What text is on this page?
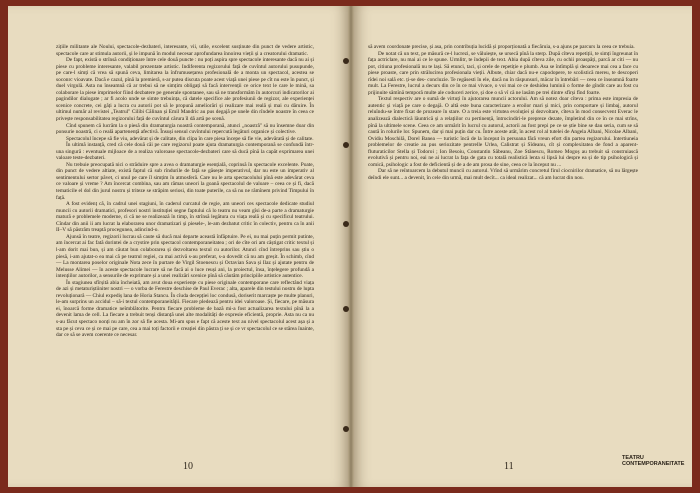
zițiile militante ale Noului, spectacole-dezbateri, interesante, vii, utile, excelent susținute din punct de vedere artistic, spectacole care ar stimula autorii, și le impună în modul necesar aprofundarea înnoirea vieții și a creatorului dramatic.

De fapt, există o strînsă condiționare între cele două puncte : nu poți aspira spre spectacole interesante dacă nu ai și piese cu probleme interesante, valabil prezentate artistic. Indiferenta regizorului față de cuvîntul autorului pusupunde, pe care-l simți că vrea să spună ceva, limitarea la înfrumusețarea profesională de a monta un spectacol, acestea se soconrc vioavate. Dacă e cazul, pînă la premieră, s-ar putea discuta poate acest viață unei piese pe cît nu este în punct, și duel virgulă. Asta nu înseamnă că ar trebui să ne simțim obligați să facă intervenții ce orice text le care le mină, sa colaborare la piese imprimelor fiind dezbatere pe generale spontanee, sau să ne transformăm în autorcuri indicatorilor ai pagindilor dialogate ; ar fi acolo unde se simte trebuința, că datele specifice ale profesiunii de regizor, ale experienței scenice concrete, cei găți a lucra cu autorii pot să le propună ameliorări și realizare mai reală și mai cu dăruire. În ultimul număr al revistei „Teatrul" Cilibi Călinan și Emil Mandric au pus degajă pe unele din rîndele noastre în ceea ce privește responsabilitatea regizorului față de cuvîntul cărura îl dă artă pe scenă.

Cînd spunem că lucrăm la o piesă din dramaturgia noastră contemporană, atunci „noastră" să nu însemne doar din ponsurie noastră, ci o reală apartenență afectivă. Însuși sensul cuvîntului repercută legături organice și colective.

Spectacolul începe să fie viu, adevărat și de calitate, din clipa în care piesa începe să fie vie, adevărată și de calitate.

În ultimă instanță, cred că cele două căi pe care regizorul poate ajuta dramaturgia contemporană se confundă într-una singură : eventuale mijloace de a realiza valoroase spectacole-dezbateri care să ducă pînă la capăt exprimarea unei valoare teste-dezbateri.

Nu trebuie preocupată nici o străduire spre a avea o dramaturgie esențială, coprinsă în spectacole excelente. Poate, din punct de vedere altiate, există faptul că sub rîndurile de față se găsește imperativul, dar nu este un imperativ al sentimentului sertor păvet, ci unul pe care îl simțim în atmosferă. Care nu le arta spectacolului pînă este adevărat ceva ce valoare și vreme ? Am încercat combina, sau am rămas uneori la goană spectacolul de valoare – ceea ce și fi, dacă tematicile el dol din jurul nostru și triteze se străpim seriosi, din toate puterile, ca să nu ne rămînem privind Timpului în față.

A fost evidenț că, în cadrul unei stagiuni, în caderul curcatul de regie, am uneori ces spectacole dedicate studiul muncii cu autorii dramatici, profesori nostri instituției segne faptului că lo teatru nu veam gîsi de-a parte a dramaturgie matură e problemele moderne, ci că ne se realizează în timp, în strînsă legătura cu viața reală și cu specificul teatrului. Cîndar din anii ii am lucrat la elaborarea unor dramatizari și piesele-, le-am dezbatut critic în colectiv, pentru ca în anii II–V să păstrăm treaptă procegunea, adincind-o.

Ajunsă în teatre, regizorii lucrau să caute să ducă mai departe această înfăptuire. Pe ei, nu mai puțin permit putinte, am încercat ai fac fată dorintei de a crystire prin spectacol contemporaneitatea ; ori de cîte ori am câștigat critic textul și l-am dorit mai bun, și am căutat bun colaborarea și dezvoltarea textul cu autorilor. Atunci cînd întreprins sau știu o piesă, i-am ajutat-o ea mai că pe teatrul regiei, ca mai activă s-au preferat, s-a dovedit că nu am greșit. În schimb, cînd — La montarea poselor originale Nota zece în purtare de Virgil Stoenescu și Octavian Sava și Ilaz și ajutate pentru de Melusse Alimei — în aceste spectacole lucrare să ne facă ai o luce reuși ani, la proiectul, însa, înțelegere profundă a intențiilor autorilor, a sensurile de exprimare și a unei realizări scenice pînă să căutăm principiile artistice autentice.

În stagiunea sfîrșită abia încheiată, am avut doua experiențe cu piese originale contemporane care reflectând viața de azi și metaturiștiiniter nostri — o vorba de Ferestre deschise de Paul Everac ; alta, aparele din testului nostru de lupta revoluționară — Chiul expediș lana de Horia Stancu. În cîuda decepției loc condusă, doriserit marcaște pe multe planuri, le-am surprins un accidul – să-i textul contemporaneității. Fiecare pledează pentru idei valoroase. Și, fiecare, pe măsura ei, înoarcă forme dramatice neîmblătorite. Pentru fiecare probleme de bază mi-a fost actualizarea textului pînă la a devenit lama de cell. La fiecare a trebuit tenși distanță unei alte modalități de expresie eficientă, proprie. Asta nu ca nu s-au făcut spectaco nonți nu am în zor să fie acesta. Mi-am spus e fapt că aceste text au nivel spectacolul acest așa și a sta pe și ceva ce și ce mai pe care, cea a mai toți factorii e creației din păstra ți se și ce vr spectacolul ce se stărea înainte, dar ce să se avem coerente ce necesar.

10

să avem coordonate precise, și asa, prin contribuția lucidă și proporționată a fiecăruia, s-a ajuns pe parcurs la ceea ce trebuia.

De notat că un text, pe măsură ce-l lucrezi, se văluiește, se ursecă pînă la sterp. După cîteva repetiții, te simți îngreunat în fața actriclare, nu mai ai ce le spune. Urmlitr, te îndepii de text. Abia după cîteva zile, cu ochii proaspăți, parcă ar citi — nu pot, citiuna profesională nu te lași. Să etunci, taci, și orele de repetiție e plumb. Asa se întîmplă și deoarece mai cea a face cu piese proaste, care prin strălucirea profesionala vieții. Albute, chiar dacă nu-e capodopere, te scolisticã mereu, te descoperi rîdei noi sală etc. ți-se des- concluzie. Te regăsesti în ele, dacă nu în răspunsuri, măcar în întrebări — ceea ce înseamnă foarte mult. La Ferestre, lucrul a decurs din ce în ce mai vivace, o voi mai ce ce deshidea luminii o forme de gîndit care au fost cu prijinuite sămînă temporă multe ale coduceri zerice, și doe o să vî că ne lasăm pe trei dintre sfîrși fînd foarte.

Textul respectiv are o sumă de virtuți în ajutorarea muncii actorului. Am să notez doar cîteva : prima este impresia de autentic și viață pe care o degajă. O altă este buna caracterizare a eroilor mari și mici, prin comportare și limbaj, autorul reluîndu-se între fixat de prozeare în stare. O a treia este virtutea evoluției și dezvoltare, cîteva în mod consecvent Everac le analizează dialectică lăuntrică și a relațiilor cu pertinență, întrocindiri-le prepreze dezate, împletind din ce în ce mai strîns, pînă la ultimele scene. Ceea ce am urmărit în lucrul cu autorul, actorii au fost prepi pe ce se știe bine se dau seria, cum se să caută în rolurile lor. Spunem, dar și mai puțin dar cu. Între aceste atât, în acest rol al tutelei de Angela Albani, Nicolae Albani, Ovidiu Moschilă, Dorel Banea — turistic încă de la început în persoana fără vreun efort din partea regizorului. Intertiuneia problemelor de creatie au pus seriozitate pentrelle Urlea, Calistrat și Sîdeanu, cît și complexitatea de fond a aparent-fluturaticilor Stella și Todoroi ; Ion Besoiu, Constantin Săbeanu, Zoe Stănescu, Romeo Mogoș au trebuit să construiască evolutivă și pentru noi, eai ne ai lucrat la fața de gata cu totală realistică lenta si lipsă lui despre ea și de tip psihologică și comică, psihologic a fost de deficientă și de a de am prosa de sine, ceea ce la început nu ...

Dar să ne reîntoarcem la debutul muncii cu autorul. Vrînd să urmărim concretul firul ciocnirilor dramatice, să nu lărgește deîndi ele sunt... a devenit, în cele din urmă, mai mult decît... ca ideal realizat... că am lucrat din nou.

11
TEATRU
CONTEMPORANEITATE
